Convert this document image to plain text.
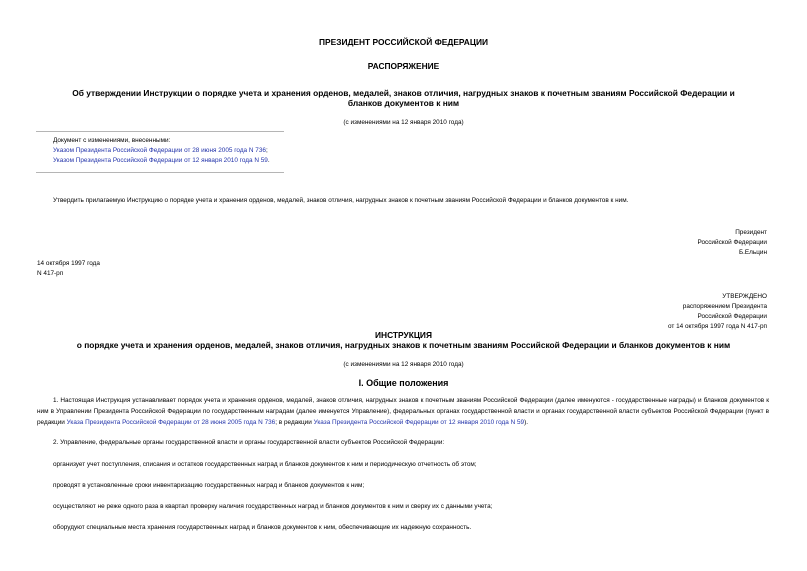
ПРЕЗИДЕНТ РОССИЙСКОЙ ФЕДЕРАЦИИ
РАСПОРЯЖЕНИЕ
Об утверждении Инструкции о порядке учета и хранения орденов, медалей, знаков отличия, нагрудных знаков к почетным званиям Российской Федерации и
бланков документов к ним
(с изменениями на 12 января 2010 года)
Документ с изменениями, внесенными:
Указом Президента Российской Федерации от 28 июня 2005 года N 736;
Указом Президента Российской Федерации от 12 января 2010 года N 59.
Утвердить прилагаемую Инструкцию о порядке учета и хранения орденов, медалей, знаков отличия, нагрудных знаков к почетным званиям Российской Федерации и бланков документов к ним.
Президент
Российской Федерации
Б.Ельцин
14 октября 1997 года
N 417-рп
УТВЕРЖДЕНО
распоряжением Президента
Российской Федерации
от 14 октября 1997 года N 417-рп
ИНСТРУКЦИЯ
о порядке учета и хранения орденов, медалей, знаков отличия, нагрудных знаков к почетным званиям Российской Федерации и бланков документов к ним
(с изменениями на 12 января 2010 года)
I. Общие положения
1. Настоящая Инструкция устанавливает порядок учета и хранения орденов, медалей, знаков отличия, нагрудных знаков к почетным званиям Российской Федерации (далее именуются - государственные награды) и бланков документов к ним в Управлении Президента Российской Федерации по государственным наградам (далее именуется Управление), федеральных органах государственной власти и органах государственной власти субъектов Российской Федерации (пункт в редакции Указа Президента Российской Федерации от 28 июня 2005 года N 736; в редакции Указа Президента Российской Федерации от 12 января 2010 года N 59).
2. Управление, федеральные органы государственной власти и органы государственной власти субъектов Российской Федерации:
организует учет поступления, списания и остатков государственных наград и бланков документов к ним и периодическую отчетность об этом;
проводят в установленные сроки инвентаризацию государственных наград и бланков документов к ним;
осуществляют не реже одного раза в квартал проверку наличия государственных наград и бланков документов к ним и сверку их с данными учета;
оборудуют специальные места хранения государственных наград и бланков документов к ним, обеспечивающие их надежную сохранность.
